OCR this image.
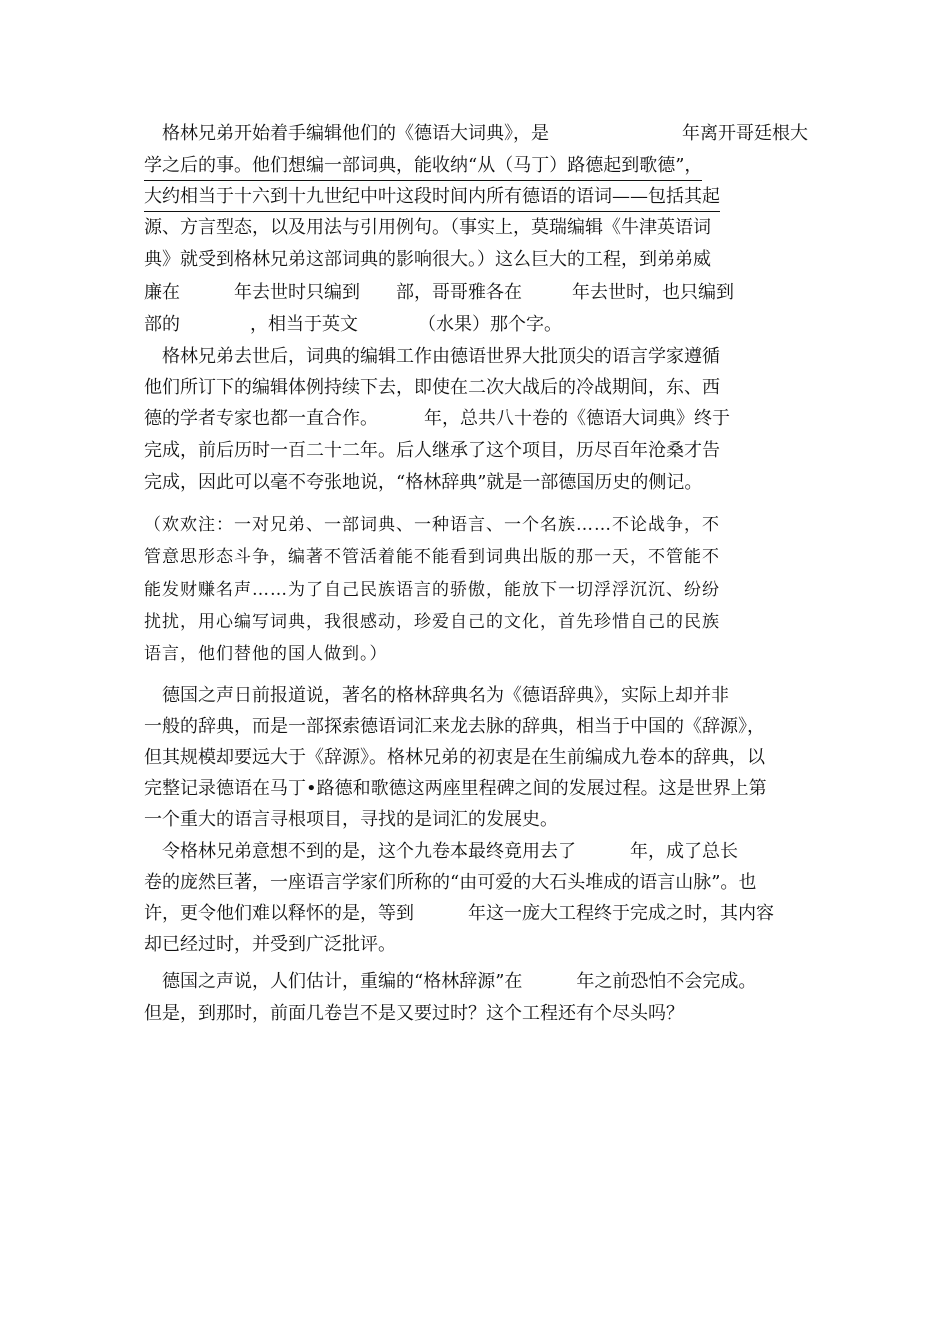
　格林兄弟开始着手编辑他们的《德语大词典》，是	年离开哥廷根大
学之后的事。他们想编一部词典，能收纳“从（马丁）路德起到歌德”，
大约相当于十六到十九世纪中叶这段时间内所有德语的语词——包括其起
源、方言型态，以及用法与引用例句。（事实上，莫瑞编辑《牛津英语词
典》就受到格林兄弟这部词典的影响很大。）这么巨大的工程，到弟弟威
廉在	年去世时只编到 部，哥哥雅各在	年去世时，也只编到
部的	，相当于英文	（水果）那个字。
　格林兄弟去世后，词典的编辑工作由德语世界大批顶尖的语言学家遵循
他们所订下的编辑体例持续下去，即使在二次大战后的冷战期间，东、西
德的学者专家也都一直合作。	年，总共八十卷的《德语大词典》终于
完成，前后历时一百二十二年。后人继承了这个项目，历尽百年沧桑才告
完成，因此可以毫不夸张地说，“格林辞典”就是一部德国历史的侧记。
（欢欢注：一对兄弟、一部词典、一种语言、一个名族……不论战争，不
管意思形态斗争，编著不管活着能不能看到词典出版的那一天，不管能不
能发财赚名声……为了自己民族语言的骄傲，能放下一切浮浮沉沉、纷纷
扰扰，用心编写词典，我很感动，珍爱自己的文化，首先珍惜自己的民族
语言，他们替他的国人做到。）
　德国之声日前报道说，著名的格林辞典名为《德语辞典》，实际上却并非
一般的辞典，而是一部探索德语词汇来龙去脉的辞典，相当于中国的《辞源》，
但其规模却要远大于《辞源》。格林兄弟的初衷是在生前编成九卷本的辞典，以
完整记录德语在马丁•路德和歌德这两座里程碑之间的发展过程。这是世界上第
一个重大的语言寻根项目，寻找的是词汇的发展史。
　令格林兄弟意想不到的是，这个九卷本最终竟用去了	年，成了总长
卷的庞然巨著，一座语言学家们所称的“由可爱的大石头堆成的语言山脉”。也
许，更令他们难以释怀的是，等到	年这一庞大工程终于完成之时，其内容
却已经过时，并受到广泛批评。
　德国之声说，人们估计，重编的“格林辞源”在	年之前恐怕不会完成。
但是，到那时，前面几卷岂不是又要过时？这个工程还有个尽头吗？
